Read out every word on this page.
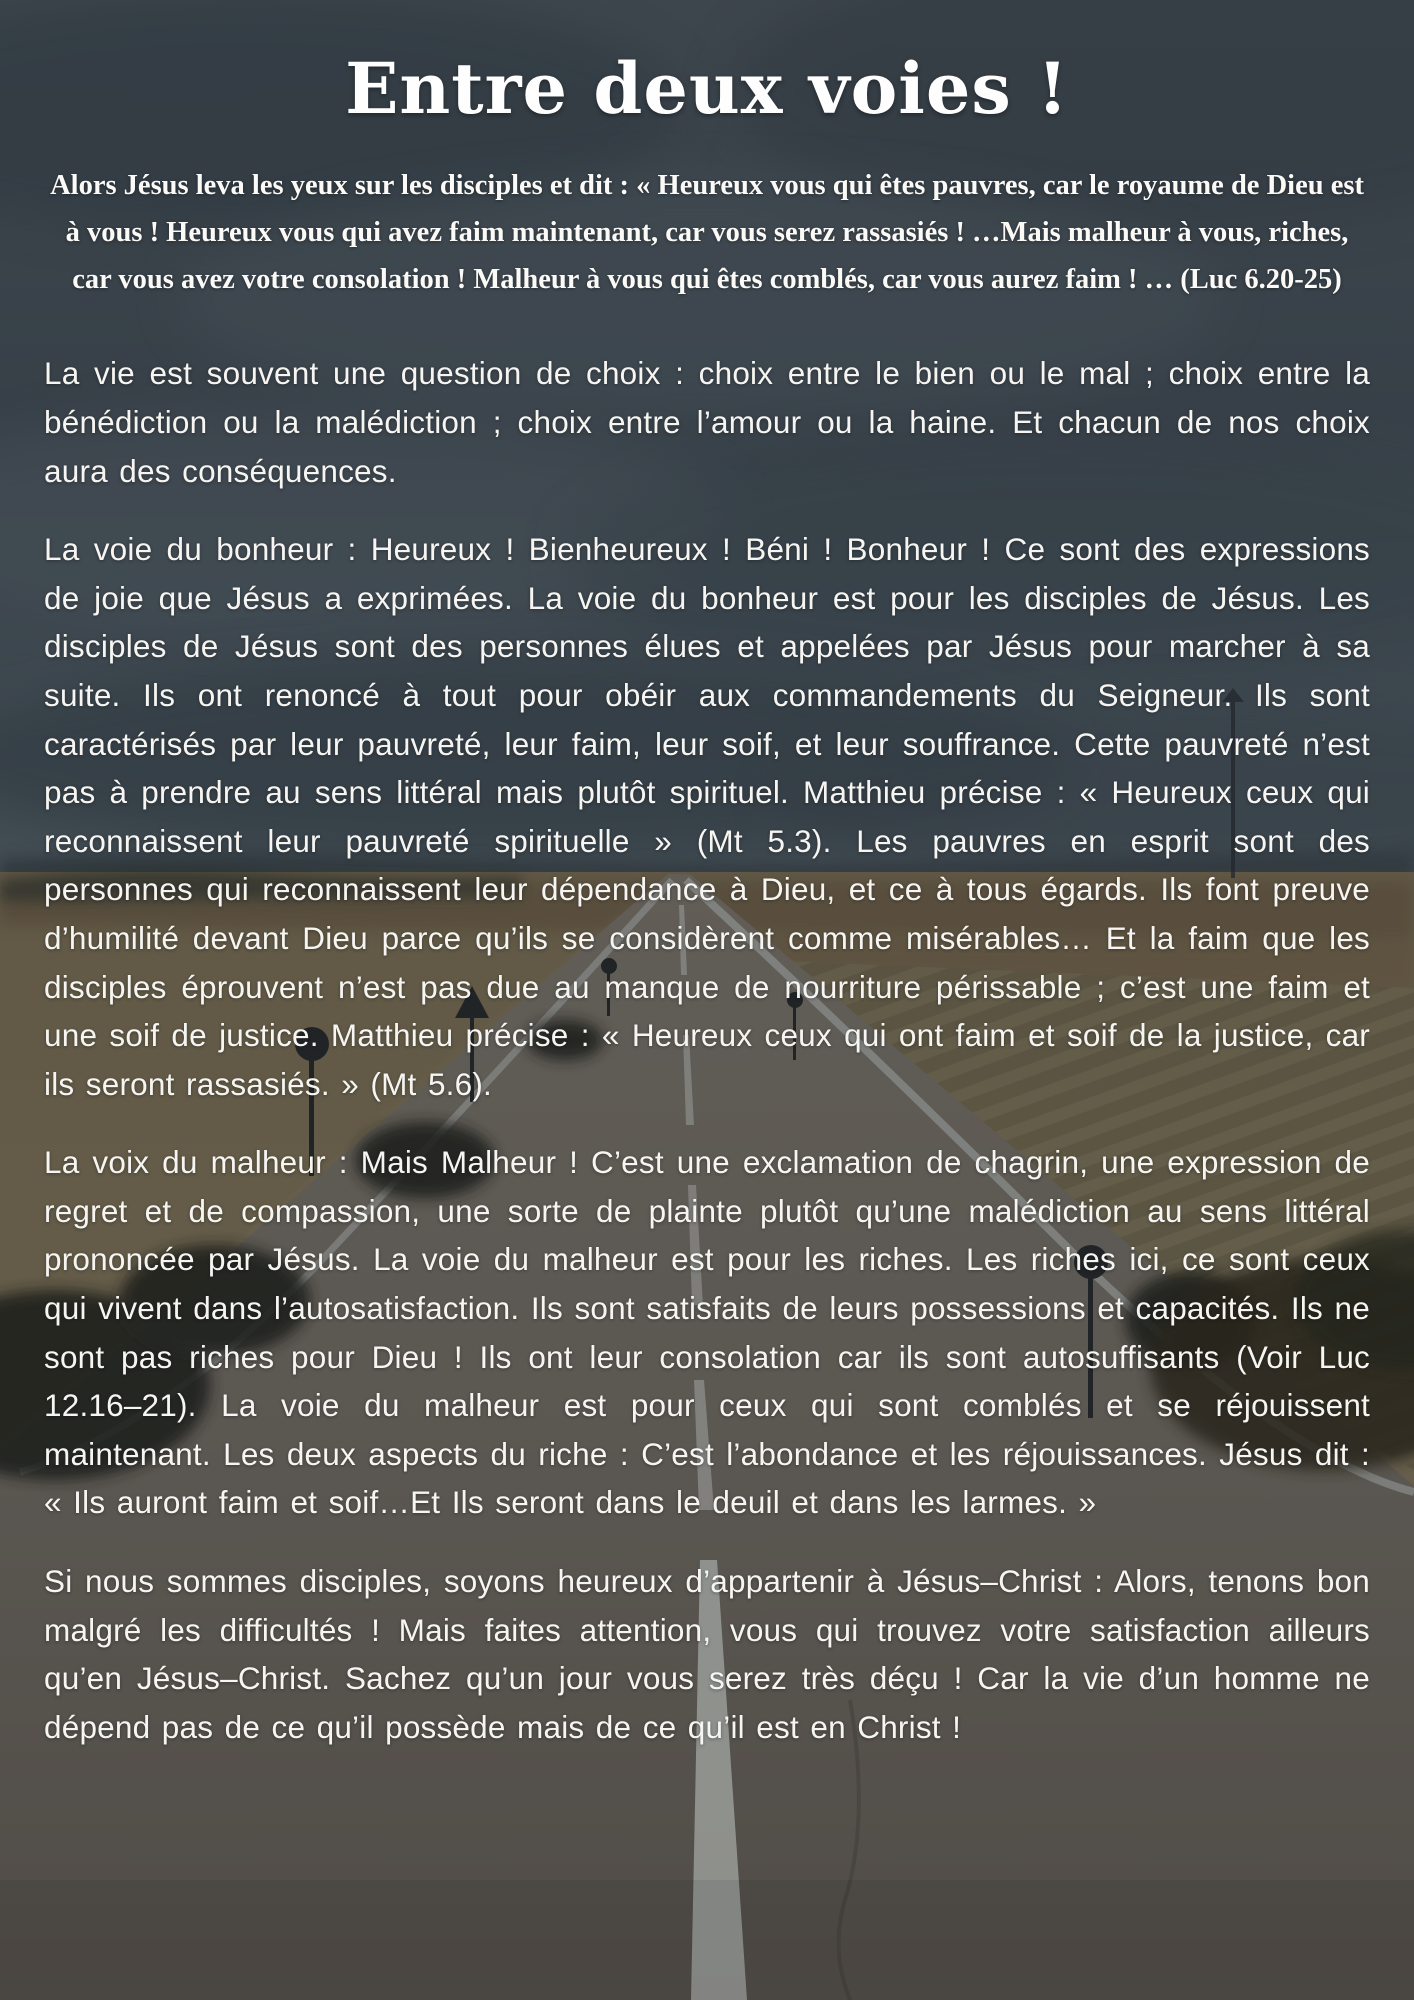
Entre deux voies !

Alors Jésus leva les yeux sur les disciples et dit : « Heureux vous qui êtes pauvres, car le royaume de Dieu est à vous ! Heureux vous qui avez faim maintenant, car vous serez rassasiés ! …Mais malheur à vous, riches, car vous avez votre consolation ! Malheur à vous qui êtes comblés, car vous aurez faim ! … (Luc 6.20-25)

La vie est souvent une question de choix : choix entre le bien ou le mal ; choix entre la bénédiction ou la malédiction ; choix entre l’amour ou la haine. Et chacun de nos choix aura des conséquences.

La voie du bonheur : Heureux ! Bienheureux ! Béni ! Bonheur ! Ce sont des expressions de joie que Jésus a exprimées. La voie du bonheur est pour les disciples de Jésus. Les disciples de Jésus sont des personnes élues et appelées par Jésus pour marcher à sa suite. Ils ont renoncé à tout pour obéir aux commandements du Seigneur. Ils sont caractérisés par leur pauvreté, leur faim, leur soif, et leur souffrance. Cette pauvreté n’est pas à prendre au sens littéral mais plutôt spirituel. Matthieu précise : « Heureux ceux qui reconnaissent leur pauvreté spirituelle » (Mt 5.3). Les pauvres en esprit sont des personnes qui reconnaissent leur dépendance à Dieu, et ce à tous égards. Ils font preuve d’humilité devant Dieu parce qu’ils se considèrent comme misérables… Et la faim que les disciples éprouvent n’est pas due au manque de nourriture périssable ; c’est une faim et une soif de justice. Matthieu précise : « Heureux ceux qui ont faim et soif de la justice, car ils seront rassasiés. » (Mt 5.6).

La voix du malheur : Mais Malheur ! C’est une exclamation de chagrin, une expression de regret et de compassion, une sorte de plainte plutôt qu’une malédiction au sens littéral prononcée par Jésus. La voie du malheur est pour les riches. Les riches ici, ce sont ceux qui vivent dans l’autosatisfaction. Ils sont satisfaits de leurs possessions et capacités. Ils ne sont pas riches pour Dieu ! Ils ont leur consolation car ils sont autosuffisants (Voir Luc 12.16–21). La voie du malheur est pour ceux qui sont comblés et se réjouissent maintenant. Les deux aspects du riche : C’est l’abondance et les réjouissances. Jésus dit : « Ils auront faim et soif…Et Ils seront dans le deuil et dans les larmes. »

Si nous sommes disciples, soyons heureux d’appartenir à Jésus–Christ : Alors, tenons bon malgré les difficultés ! Mais faites attention, vous qui trouvez votre satisfaction ailleurs qu’en Jésus–Christ. Sachez qu’un jour vous serez très déçu ! Car la vie d’un homme ne dépend pas de ce qu’il possède mais de ce qu’il est en Christ !
